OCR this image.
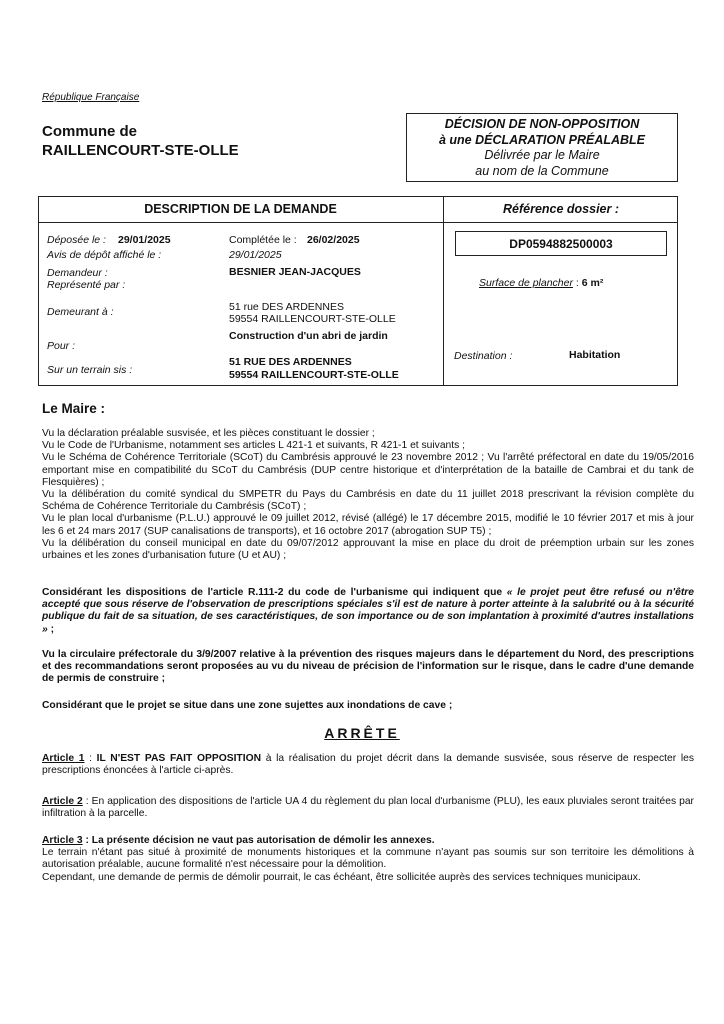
République Française
Commune de
RAILLENCOURT-STE-OLLE
DÉCISION DE NON-OPPOSITION
à une DÉCLARATION PRÉALABLE
Délivrée par le Maire
au nom de la Commune
DESCRIPTION DE LA DEMANDE	Référence dossier :
Déposée le : 29/01/2025	Complétée le : 26/02/2025
Avis de dépôt affiché le :	29/01/2025
Demandeur :	BESNIER JEAN-JACQUES
Représenté par :
Demeurant à :	51 rue DES ARDENNES
59554 RAILLENCOURT-STE-OLLE
Pour :
Construction d'un abri de jardin
Sur un terrain sis :
51 RUE DES ARDENNES
59554 RAILLENCOURT-STE-OLLE
DP0594882500003
Surface de plancher : 6 m²
Destination :	Habitation
Le Maire :
Vu la déclaration préalable susvisée, et les pièces constituant le dossier ;
Vu le Code de l'Urbanisme, notamment ses articles L 421-1 et suivants, R 421-1 et suivants ;
Vu le Schéma de Cohérence Territoriale (SCoT) du Cambrésis approuvé le 23 novembre 2012 ; Vu l'arrêté préfectoral en date du 19/05/2016 emportant mise en compatibilité du SCoT du Cambrésis (DUP centre historique et d'interprétation de la bataille de Cambrai et du tank de Flesquières) ;
Vu la délibération du comité syndical du SMPETR du Pays du Cambrésis en date du 11 juillet 2018 prescrivant la révision complète du Schéma de Cohérence Territoriale du Cambrésis (SCoT) ;
Vu le plan local d'urbanisme (P.L.U.) approuvé le 09 juillet 2012, révisé (allégé) le 17 décembre 2015, modifié le 10 février 2017 et mis à jour les 6 et 24 mars 2017 (SUP canalisations de transports), et 16 octobre 2017 (abrogation SUP T5) ;
Vu la délibération du conseil municipal en date du 09/07/2012 approuvant la mise en place du droit de préemption urbain sur les zones urbaines et les zones d'urbanisation future (U et AU) ;
Considérant les dispositions de l'article R.111-2 du code de l'urbanisme qui indiquent que « le projet peut être refusé ou n'être accepté que sous réserve de l'observation de prescriptions spéciales s'il est de nature à porter atteinte à la salubrité ou à la sécurité publique du fait de sa situation, de ses caractéristiques, de son importance ou de son implantation à proximité d'autres installations » ;
Vu la circulaire préfectorale du 3/9/2007 relative à la prévention des risques majeurs dans le département du Nord, des prescriptions et des recommandations seront proposées au vu du niveau de précision de l'information sur le risque, dans le cadre d'une demande de permis de construire ;
Considérant que le projet se situe dans une zone sujettes aux inondations de cave ;
ARRÊTE
Article 1 : IL N'EST PAS FAIT OPPOSITION à la réalisation du projet décrit dans la demande susvisée, sous réserve de respecter les prescriptions énoncées à l'article ci-après.
Article 2 : En application des dispositions de l'article UA 4 du règlement du plan local d'urbanisme (PLU), les eaux pluviales seront traitées par infiltration à la parcelle.
Article 3 : La présente décision ne vaut pas autorisation de démolir les annexes.
Le terrain n'étant pas situé à proximité de monuments historiques et la commune n'ayant pas soumis sur son territoire les démolitions à autorisation préalable, aucune formalité n'est nécessaire pour la démolition.
Cependant, une demande de permis de démolir pourrait, le cas échéant, être sollicitée auprès des services techniques municipaux.
